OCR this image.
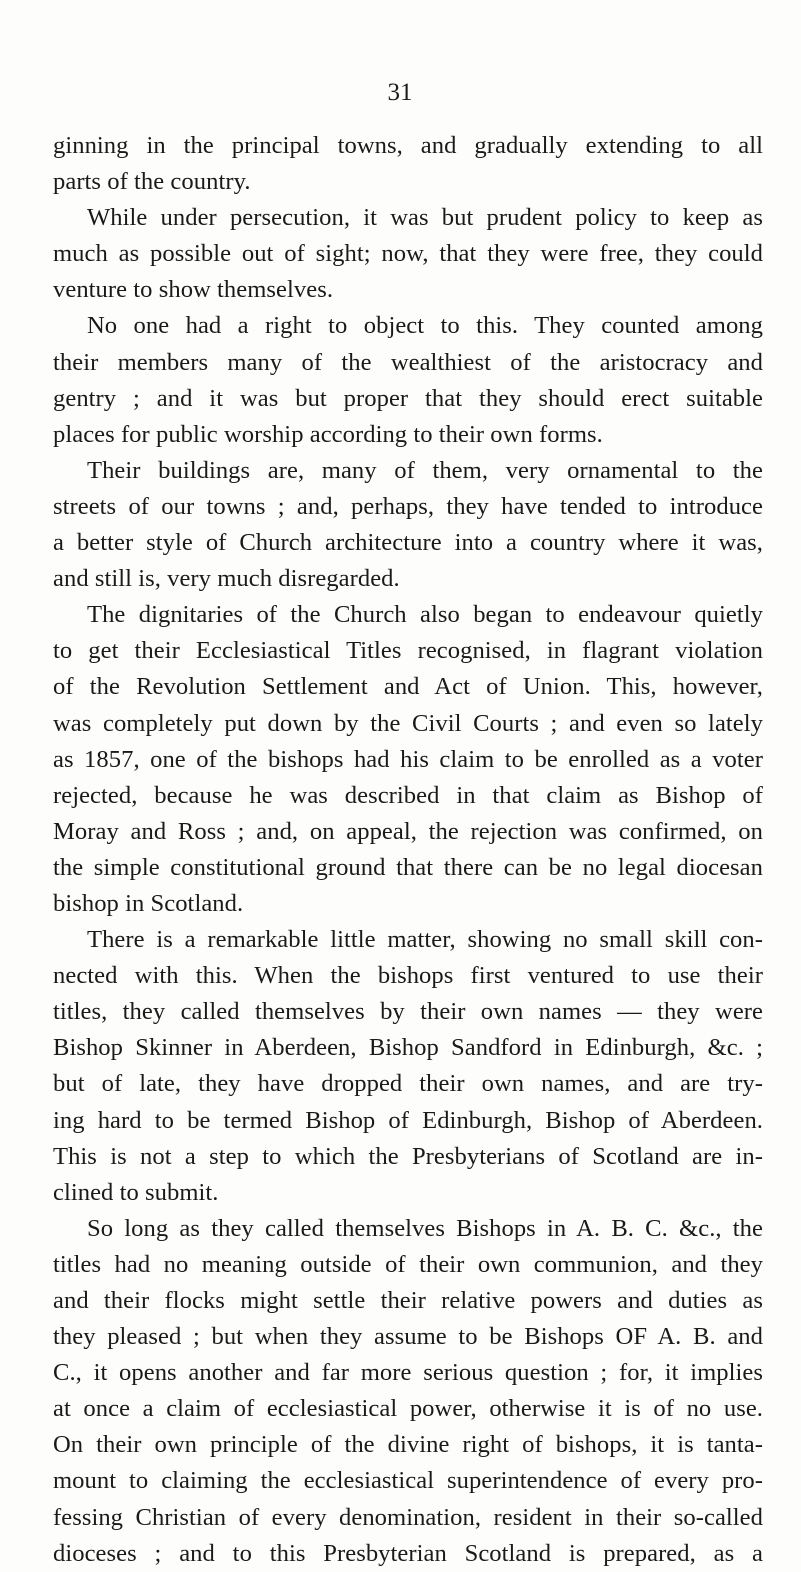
31
ginning in the principal towns, and gradually extending to all
parts of the country.
While under persecution, it was but prudent policy to keep as
much as possible out of sight; now, that they were free, they could
venture to show themselves.
No one had a right to object to this. They counted among
their members many of the wealthiest of the aristocracy and
gentry ; and it was but proper that they should erect suitable
places for public worship according to their own forms.
Their buildings are, many of them, very ornamental to the
streets of our towns ; and, perhaps, they have tended to introduce
a better style of Church architecture into a country where it was,
and still is, very much disregarded.
The dignitaries of the Church also began to endeavour quietly
to get their Ecclesiastical Titles recognised, in flagrant violation
of the Revolution Settlement and Act of Union. This, however,
was completely put down by the Civil Courts ; and even so lately
as 1857, one of the bishops had his claim to be enrolled as a voter
rejected, because he was described in that claim as Bishop of
Moray and Ross ; and, on appeal, the rejection was confirmed, on
the simple constitutional ground that there can be no legal diocesan
bishop in Scotland.
There is a remarkable little matter, showing no small skill con-
nected with this. When the bishops first ventured to use their
titles, they called themselves by their own names — they were
Bishop Skinner in Aberdeen, Bishop Sandford in Edinburgh, &c. ;
but of late, they have dropped their own names, and are try-
ing hard to be termed Bishop of Edinburgh, Bishop of Aberdeen.
This is not a step to which the Presbyterians of Scotland are in-
clined to submit.
So long as they called themselves Bishops in A. B. C. &c., the
titles had no meaning outside of their own communion, and they
and their flocks might settle their relative powers and duties as
they pleased ; but when they assume to be Bishops OF A. B. and
C., it opens another and far more serious question ; for, it implies
at once a claim of ecclesiastical power, otherwise it is of no use.
On their own principle of the divine right of bishops, it is tanta-
mount to claiming the ecclesiastical superintendence of every pro-
fessing Christian of every denomination, resident in their so-called
dioceses ; and to this Presbyterian Scotland is prepared, as a
